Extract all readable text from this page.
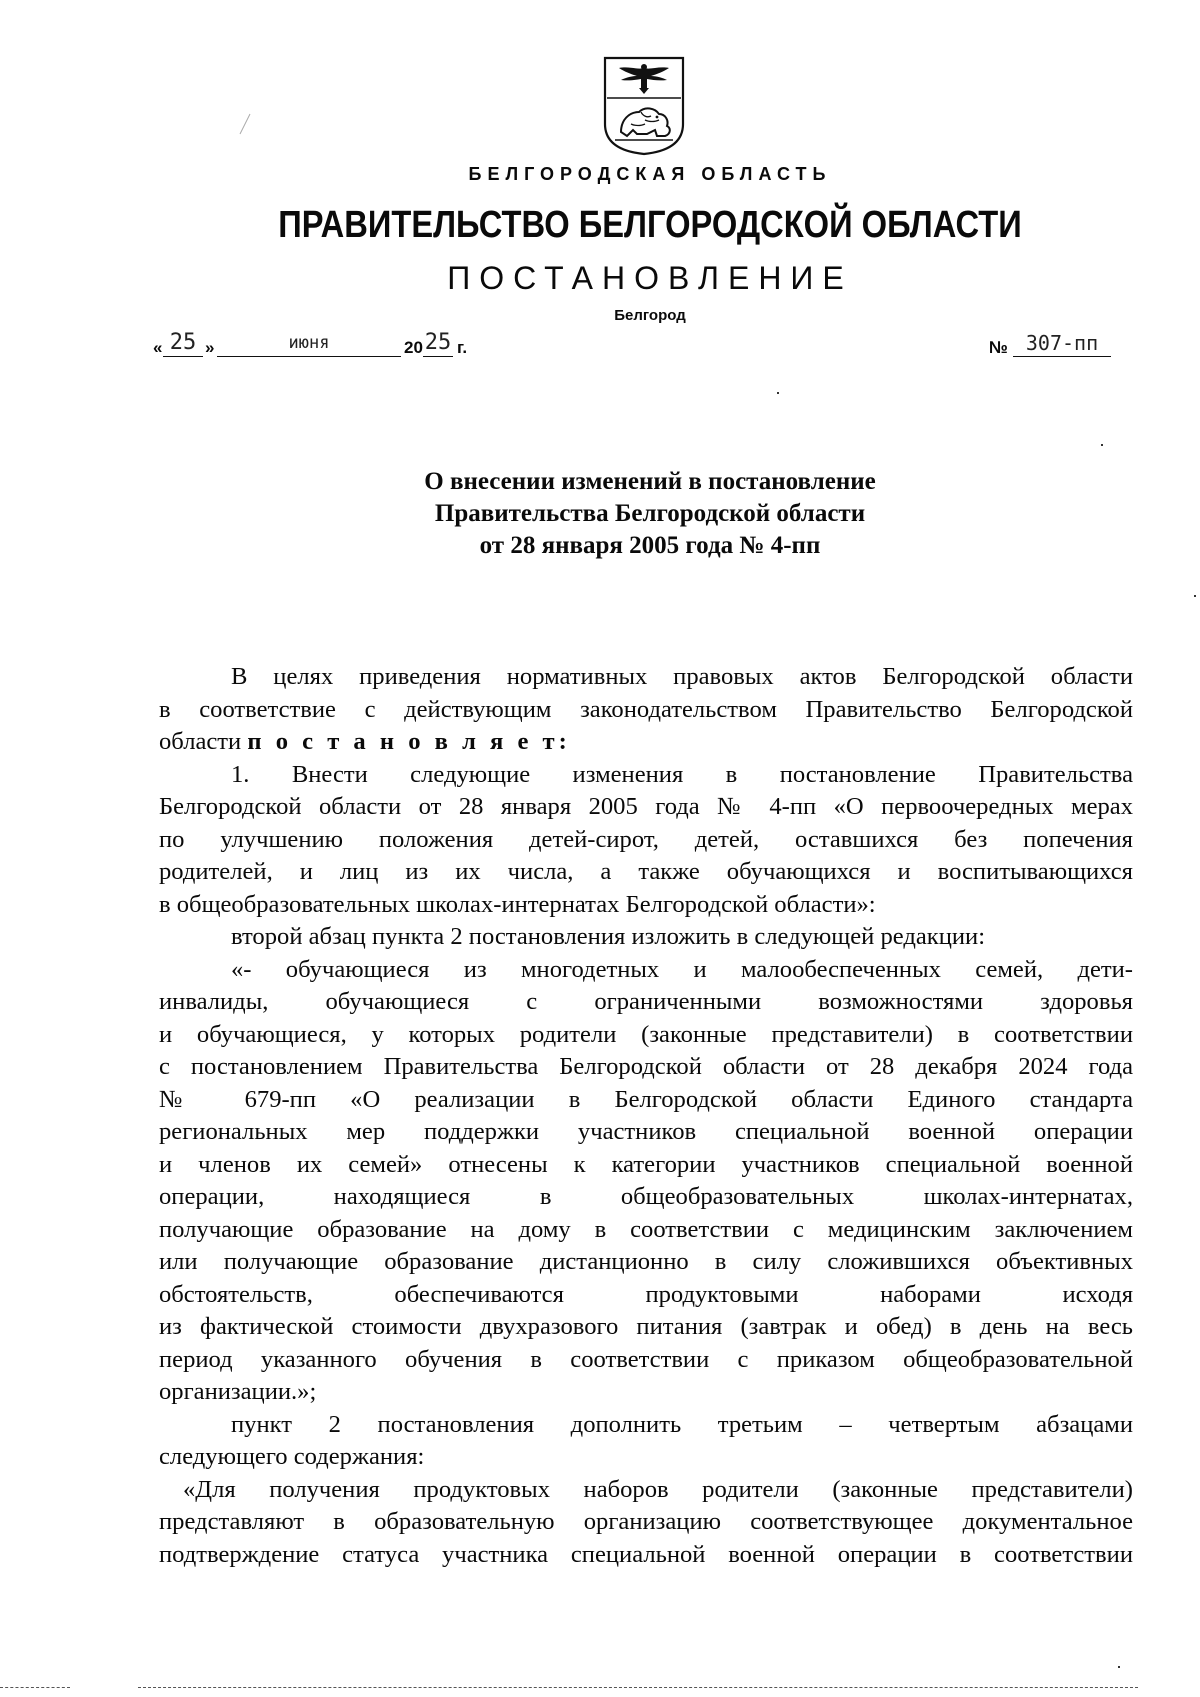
БЕЛГОРОДСКАЯ ОБЛАСТЬ
ПРАВИТЕЛЬСТВО БЕЛГОРОДСКОЙ ОБЛАСТИ
ПОСТАНОВЛЕНИЕ
Белгород
« 25 »	июня	20 25 г.	№ 307-пп
О внесении изменений в постановление
Правительства Белгородской области
от 28 января 2005 года № 4-пп

В целях приведения нормативных правовых актов Белгородской области

в соответствие с действующим законодательством Правительство Белгородской

области п о с т а н о в л я е т:

1. Внести следующие изменения в постановление Правительства

Белгородской области от 28 января 2005 года № 4-пп «О первоочередных мерах

по улучшению положения детей-сирот, детей, оставшихся без попечения

родителей, и лиц из их числа, а также обучающихся и воспитывающихся

в общеобразовательных школах-интернатах Белгородской области»:

второй абзац пункта 2 постановления изложить в следующей редакции:

«- обучающиеся из многодетных и малообеспеченных семей, дети-

инвалиды, обучающиеся с ограниченными возможностями здоровья

и обучающиеся, у которых родители (законные представители) в соответствии

с постановлением Правительства Белгородской области от 28 декабря 2024 года

№ 679-пп «О реализации в Белгородской области Единого стандарта

региональных мер поддержки участников специальной военной операции

и членов их семей» отнесены к категории участников специальной военной

операции, находящиеся в общеобразовательных школах-интернатах,

получающие образование на дому в соответствии с медицинским заключением

или получающие образование дистанционно в силу сложившихся объективных

обстоятельств, обеспечиваются продуктовыми наборами исходя

из фактической стоимости двухразового питания (завтрак и обед) в день на весь

период указанного обучения в соответствии с приказом общеобразовательной

организации.»;

пункт 2 постановления дополнить третьим – четвертым абзацами

следующего содержания:

«Для получения продуктовых наборов родители (законные представители)

представляют в образовательную организацию соответствующее документальное

подтверждение статуса участника специальной военной операции в соответствии
